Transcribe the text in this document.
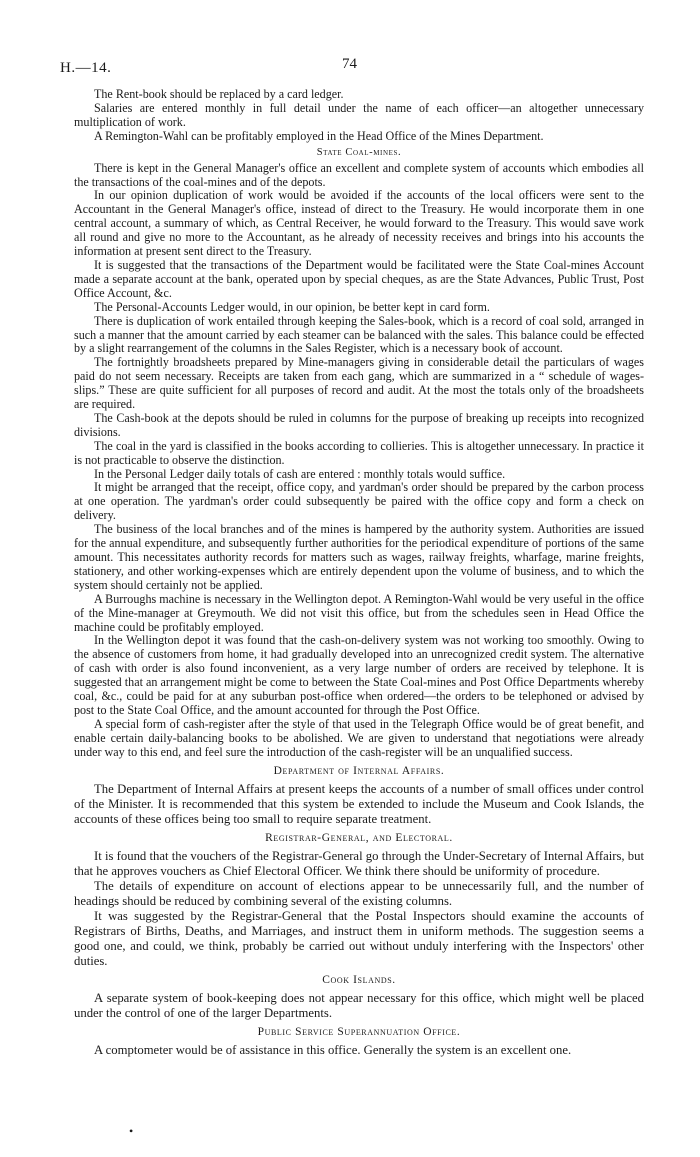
H.—14.	74

The Rent-book should be replaced by a card ledger.

Salaries are entered monthly in full detail under the name of each officer—an altogether unnecessary multiplication of work.

A Remington-Wahl can be profitably employed in the Head Office of the Mines Department.

State Coal-mines.

There is kept in the General Manager's office an excellent and complete system of accounts which embodies all the transactions of the coal-mines and of the depots.

In our opinion duplication of work would be avoided if the accounts of the local officers were sent to the Accountant in the General Manager's office, instead of direct to the Treasury. He would incorporate them in one central account, a summary of which, as Central Receiver, he would forward to the Treasury. This would save work all round and give no more to the Accountant, as he already of necessity receives and brings into his accounts the information at present sent direct to the Treasury.

It is suggested that the transactions of the Department would be facilitated were the State Coal-mines Account made a separate account at the bank, operated upon by special cheques, as are the State Advances, Public Trust, Post Office Account, &c.

The Personal-Accounts Ledger would, in our opinion, be better kept in card form.

There is duplication of work entailed through keeping the Sales-book, which is a record of coal sold, arranged in such a manner that the amount carried by each steamer can be balanced with the sales. This balance could be effected by a slight rearrangement of the columns in the Sales Register, which is a necessary book of account.

The fortnightly broadsheets prepared by Mine-managers giving in considerable detail the particulars of wages paid do not seem necessary. Receipts are taken from each gang, which are summarized in a “ schedule of wages-slips.” These are quite sufficient for all purposes of record and audit. At the most the totals only of the broadsheets are required.

The Cash-book at the depots should be ruled in columns for the purpose of breaking up receipts into recognized divisions.

The coal in the yard is classified in the books according to collieries. This is altogether unnecessary. In practice it is not practicable to observe the distinction.

In the Personal Ledger daily totals of cash are entered : monthly totals would suffice.

It might be arranged that the receipt, office copy, and yardman's order should be prepared by the carbon process at one operation. The yardman's order could subsequently be paired with the office copy and form a check on delivery.

The business of the local branches and of the mines is hampered by the authority system. Authorities are issued for the annual expenditure, and subsequently further authorities for the periodical expenditure of portions of the same amount. This necessitates authority records for matters such as wages, railway freights, wharfage, marine freights, stationery, and other working-expenses which are entirely dependent upon the volume of business, and to which the system should certainly not be applied.

A Burroughs machine is necessary in the Wellington depot. A Remington-Wahl would be very useful in the office of the Mine-manager at Greymouth. We did not visit this office, but from the schedules seen in Head Office the machine could be profitably employed.

In the Wellington depot it was found that the cash-on-delivery system was not working too smoothly. Owing to the absence of customers from home, it had gradually developed into an unrecognized credit system. The alternative of cash with order is also found inconvenient, as a very large number of orders are received by telephone. It is suggested that an arrangement might be come to between the State Coal-mines and Post Office Departments whereby coal, &c., could be paid for at any suburban post-office when ordered—the orders to be telephoned or advised by post to the State Coal Office, and the amount accounted for through the Post Office.

A special form of cash-register after the style of that used in the Telegraph Office would be of great benefit, and enable certain daily-balancing books to be abolished. We are given to understand that negotiations were already under way to this end, and feel sure the introduction of the cash-register will be an unqualified success.

Department of Internal Affairs.

The Department of Internal Affairs at present keeps the accounts of a number of small offices under control of the Minister. It is recommended that this system be extended to include the Museum and Cook Islands, the accounts of these offices being too small to require separate treatment.

Registrar-General, and Electoral.

It is found that the vouchers of the Registrar-General go through the Under-Secretary of Internal Affairs, but that he approves vouchers as Chief Electoral Officer. We think there should be uniformity of procedure.

The details of expenditure on account of elections appear to be unnecessarily full, and the number of headings should be reduced by combining several of the existing columns.

It was suggested by the Registrar-General that the Postal Inspectors should examine the accounts of Registrars of Births, Deaths, and Marriages, and instruct them in uniform methods. The suggestion seems a good one, and could, we think, probably be carried out without unduly interfering with the Inspectors' other duties.

Cook Islands.

A separate system of book-keeping does not appear necessary for this office, which might well be placed under the control of one of the larger Departments.

Public Service Superannuation Office.

A comptometer would be of assistance in this office. Generally the system is an excellent one.

•
